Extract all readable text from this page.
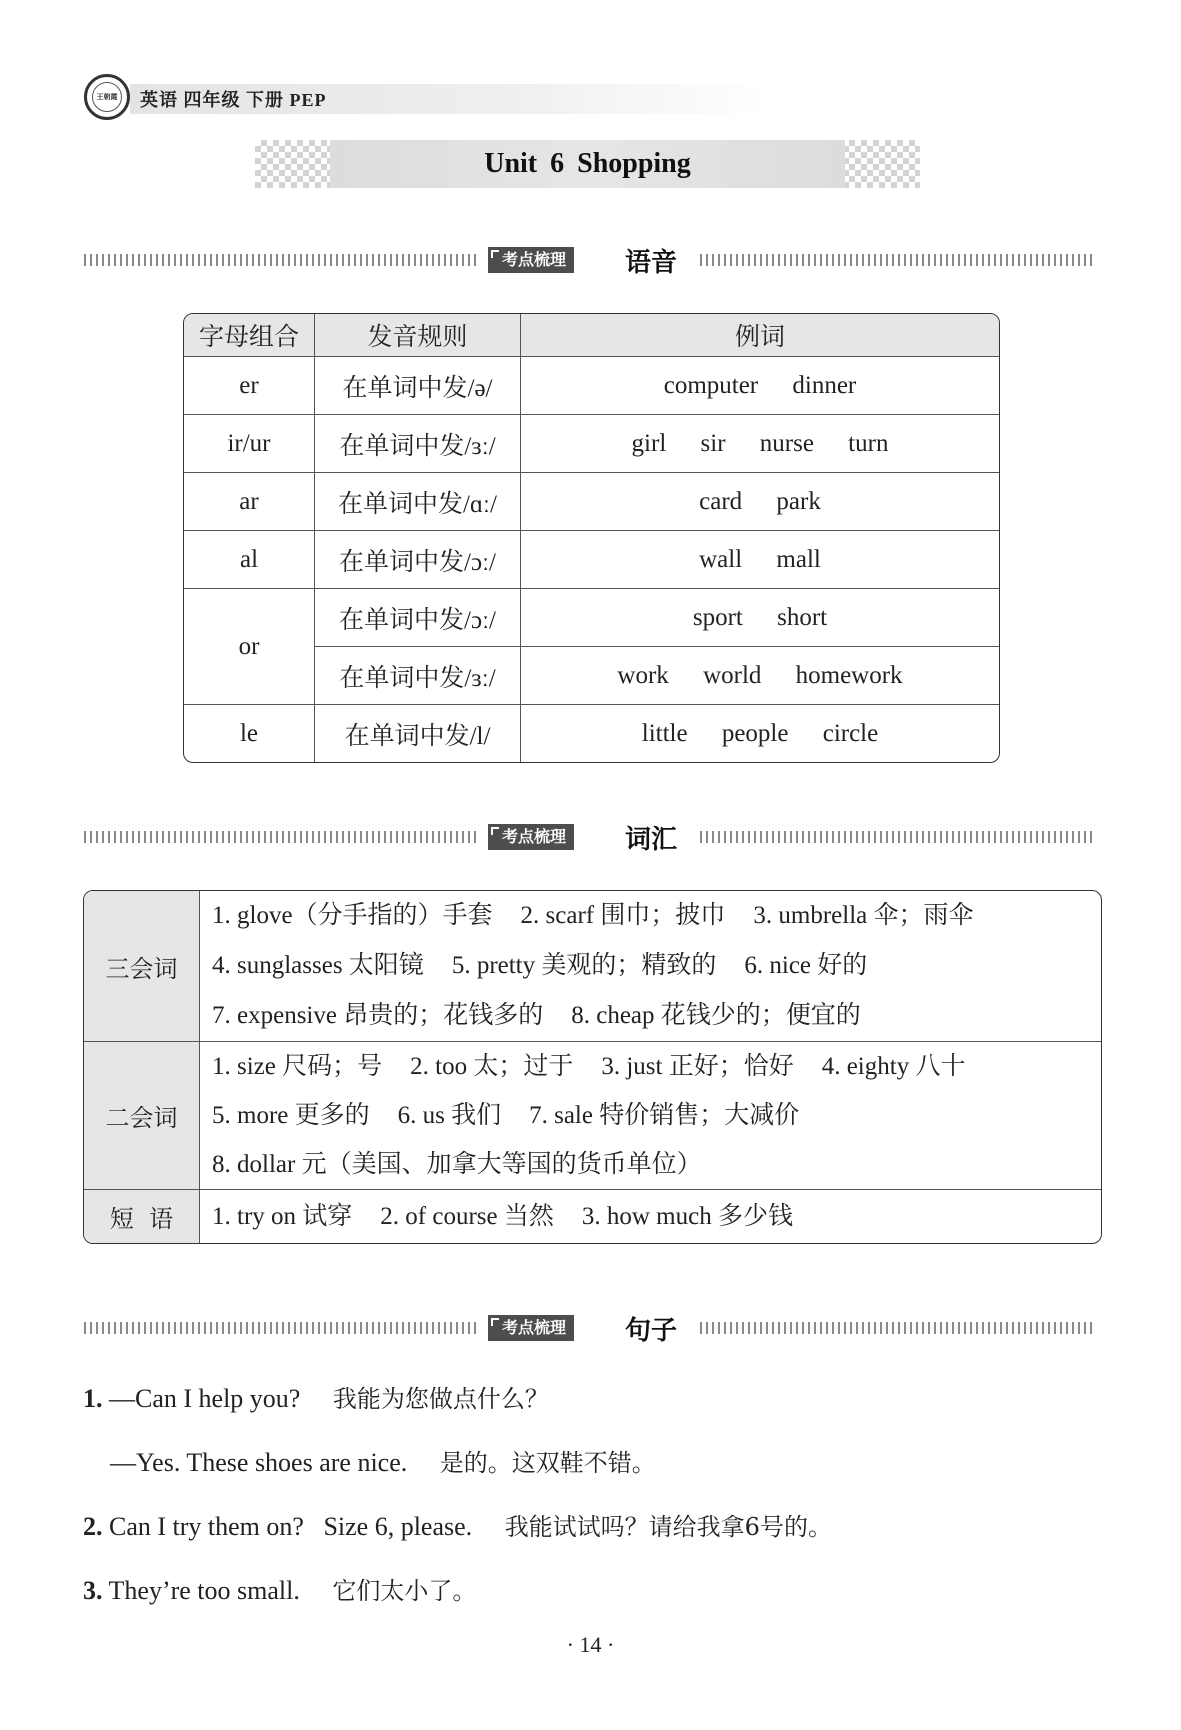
王朝霞 英语 四年级 下册 PEP
Unit 6 Shopping
考点梳理	语音
字母组合	发音规则	例词
er	在单词中发/ə/	computer dinner
ir/ur	在单词中发/ɜː/	girl sir nurse turn
ar	在单词中发/ɑː/	card park
al	在单词中发/ɔː/	wall mall
or	在单词中发/ɔː/	sport short
	在单词中发/ɜː/	work world homework
le	在单词中发/l/	little people circle
考点梳理	词汇
三会词	1. glove（分手指的）手套 2. scarf 围巾；披巾 3. umbrella 伞；雨伞
4. sunglasses 太阳镜 5. pretty 美观的；精致的 6. nice 好的
7. expensive 昂贵的；花钱多的 8. cheap 花钱少的；便宜的

二会词	1. size 尺码；号 2. too 太；过于 3. just 正好；恰好 4. eighty 八十
5. more 更多的 6. us 我们 7. sale 特价销售；大减价
8. dollar 元（美国、加拿大等国的货币单位）

短  语	1. try on 试穿 2. of course 当然 3. how much 多少钱
考点梳理	句子
1. —Can I help you? 我能为您做点什么？
—Yes. These shoes are nice. 是的。这双鞋不错。
2. Can I try them on?   Size 6, please. 我能试试吗？请给我拿6号的。
3. They’re too small. 它们太小了。
· 14 ·
